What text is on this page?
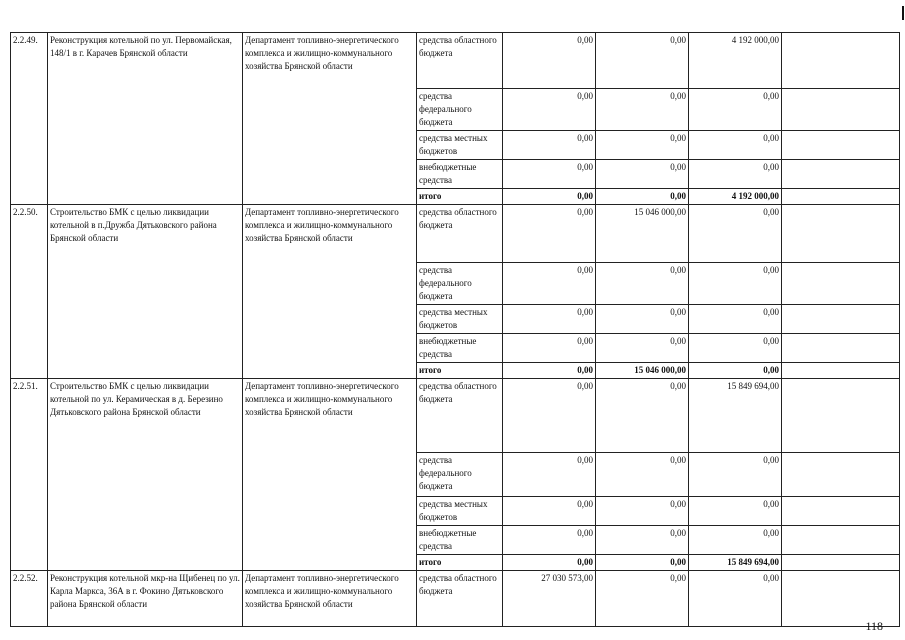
2.2.49.	Реконструкция котельной по ул. Первомайская, 148/1 в г. Карачев Брянской области	Департамент топливно-энергетического комплекса и жилищно-коммунального хозяйства Брянской области	средства областного бюджета	0,00	0,00	4 192 000,00	
			средства федерального бюджета	0,00	0,00	0,00	
			средства местных бюджетов	0,00	0,00	0,00	
			внебюджетные средства	0,00	0,00	0,00	
			итого	0,00	0,00	4 192 000,00	
2.2.50.	Строительство БМК с целью ликвидации котельной в п.Дружба Дятьковского района Брянской области	Департамент топливно-энергетического комплекса и жилищно-коммунального хозяйства Брянской области	средства областного бюджета	0,00	15 046 000,00	0,00	
			средства федерального бюджета	0,00	0,00	0,00	
			средства местных бюджетов	0,00	0,00	0,00	
			внебюджетные средства	0,00	0,00	0,00	
			итого	0,00	15 046 000,00	0,00	
2.2.51.	Строительство БМК с целью ликвидации котельной по ул. Керамическая в д. Березино Дятьковского района Брянской области	Департамент топливно-энергетического комплекса и жилищно-коммунального хозяйства Брянской области	средства областного бюджета	0,00	0,00	15 849 694,00	
			средства федерального бюджета	0,00	0,00	0,00	
			средства местных бюджетов	0,00	0,00	0,00	
			внебюджетные средства	0,00	0,00	0,00	
			итого	0,00	0,00	15 849 694,00	
2.2.52.	Реконструкция котельной мкр-на Щибенец по ул. Карла Маркса, 36А в г. Фокино Дятьковского района Брянской области	Департамент топливно-энергетического комплекса и жилищно-коммунального хозяйства Брянской области	средства областного бюджета	27 030 573,00	0,00	0,00	
118
